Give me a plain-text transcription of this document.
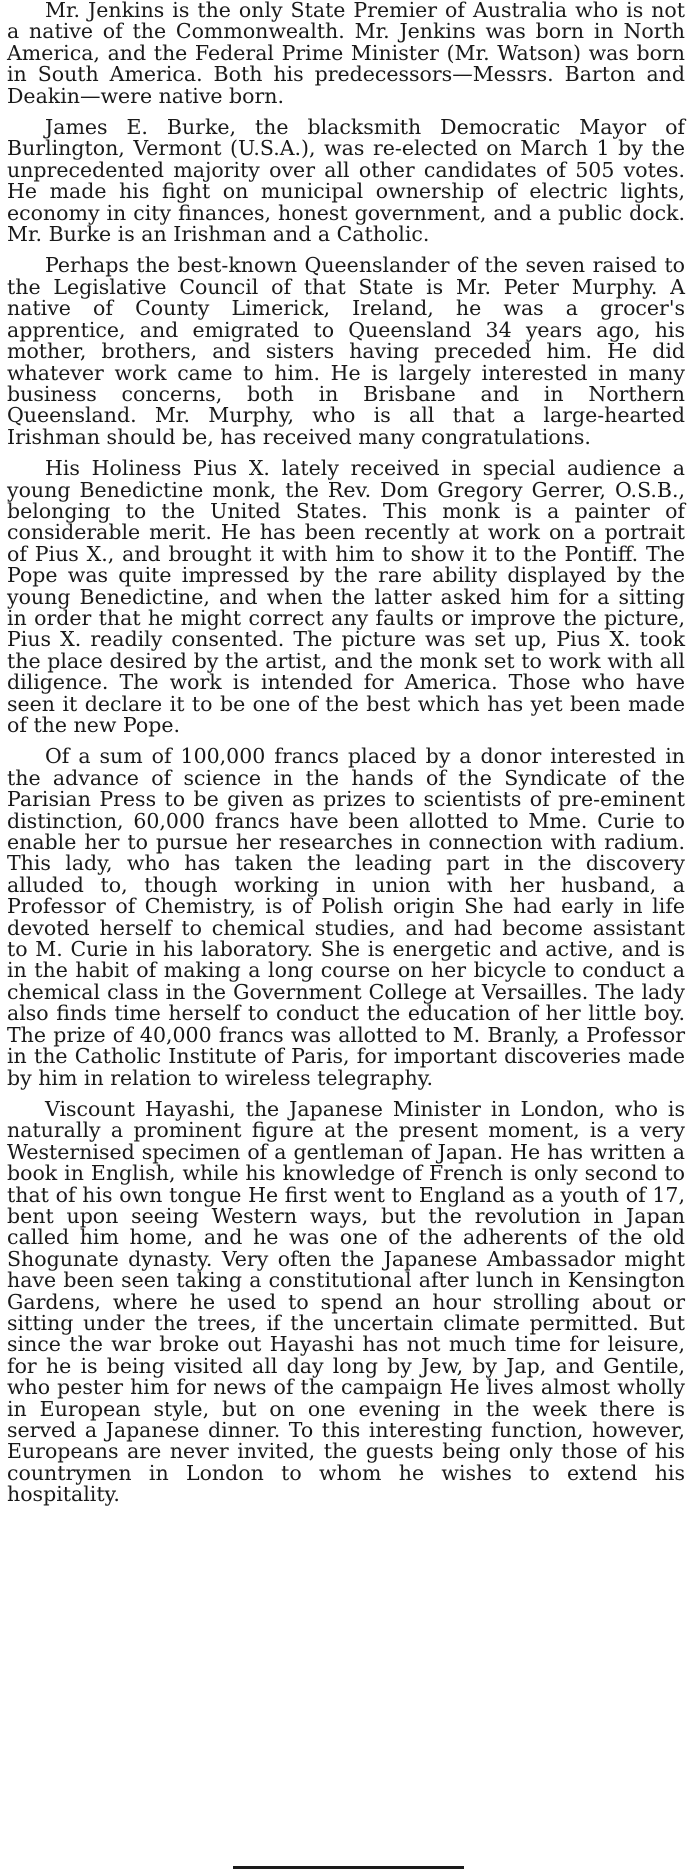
Mr. Jenkins is the only State Premier of Australia who is not a native of the Commonwealth. Mr. Jenkins was born in North America, and the Federal Prime Minister (Mr. Watson) was born in South America. Both his predecessors—Messrs. Barton and Deakin—were native born.

James E. Burke, the blacksmith Democratic Mayor of Burlington, Vermont (U.S.A.), was re-elected on March 1 by the unprecedented majority over all other candidates of 505 votes. He made his fight on municipal ownership of electric lights, economy in city finances, honest government, and a public dock. Mr. Burke is an Irishman and a Catholic.

Perhaps the best-known Queenslander of the seven raised to the Legislative Council of that State is Mr. Peter Murphy. A native of County Limerick, Ireland, he was a grocer's apprentice, and emigrated to Queensland 34 years ago, his mother, brothers, and sisters having preceded him. He did whatever work came to him. He is largely interested in many business concerns, both in Brisbane and in Northern Queensland. Mr. Murphy, who is all that a large-hearted Irishman should be, has received many congratulations.

His Holiness Pius X. lately received in special audience a young Benedictine monk, the Rev. Dom Gregory Gerrer, O.S.B., belonging to the United States. This monk is a painter of considerable merit. He has been recently at work on a portrait of Pius X., and brought it with him to show it to the Pontiff. The Pope was quite impressed by the rare ability displayed by the young Benedictine, and when the latter asked him for a sitting in order that he might correct any faults or improve the picture, Pius X. readily consented. The picture was set up, Pius X. took the place desired by the artist, and the monk set to work with all diligence. The work is intended for America. Those who have seen it declare it to be one of the best which has yet been made of the new Pope.

Of a sum of 100,000 francs placed by a donor interested in the advance of science in the hands of the Syndicate of the Parisian Press to be given as prizes to scientists of pre-eminent distinction, 60,000 francs have been allotted to Mme. Curie to enable her to pursue her researches in connection with radium. This lady, who has taken the leading part in the discovery alluded to, though working in union with her husband, a Professor of Chemistry, is of Polish origin She had early in life devoted herself to chemical studies, and had become assistant to M. Curie in his laboratory. She is energetic and active, and is in the habit of making a long course on her bicycle to conduct a chemical class in the Government College at Versailles. The lady also finds time herself to conduct the education of her little boy. The prize of 40,000 francs was allotted to M. Branly, a Professor in the Catholic Institute of Paris, for important discoveries made by him in relation to wireless telegraphy.

Viscount Hayashi, the Japanese Minister in London, who is naturally a prominent figure at the present moment, is a very Westernised specimen of a gentleman of Japan. He has written a book in English, while his knowledge of French is only second to that of his own tongue He first went to England as a youth of 17, bent upon seeing Western ways, but the revolution in Japan called him home, and he was one of the adherents of the old Shogunate dynasty. Very often the Japanese Ambassador might have been seen taking a constitutional after lunch in Kensington Gardens, where he used to spend an hour strolling about or sitting under the trees, if the uncertain climate permitted. But since the war broke out Hayashi has not much time for leisure, for he is being visited all day long by Jew, by Jap, and Gentile, who pester him for news of the campaign He lives almost wholly in European style, but on one evening in the week there is served a Japanese dinner. To this interesting function, however, Europeans are never invited, the guests being only those of his countrymen in London to whom he wishes to extend his hospitality.
